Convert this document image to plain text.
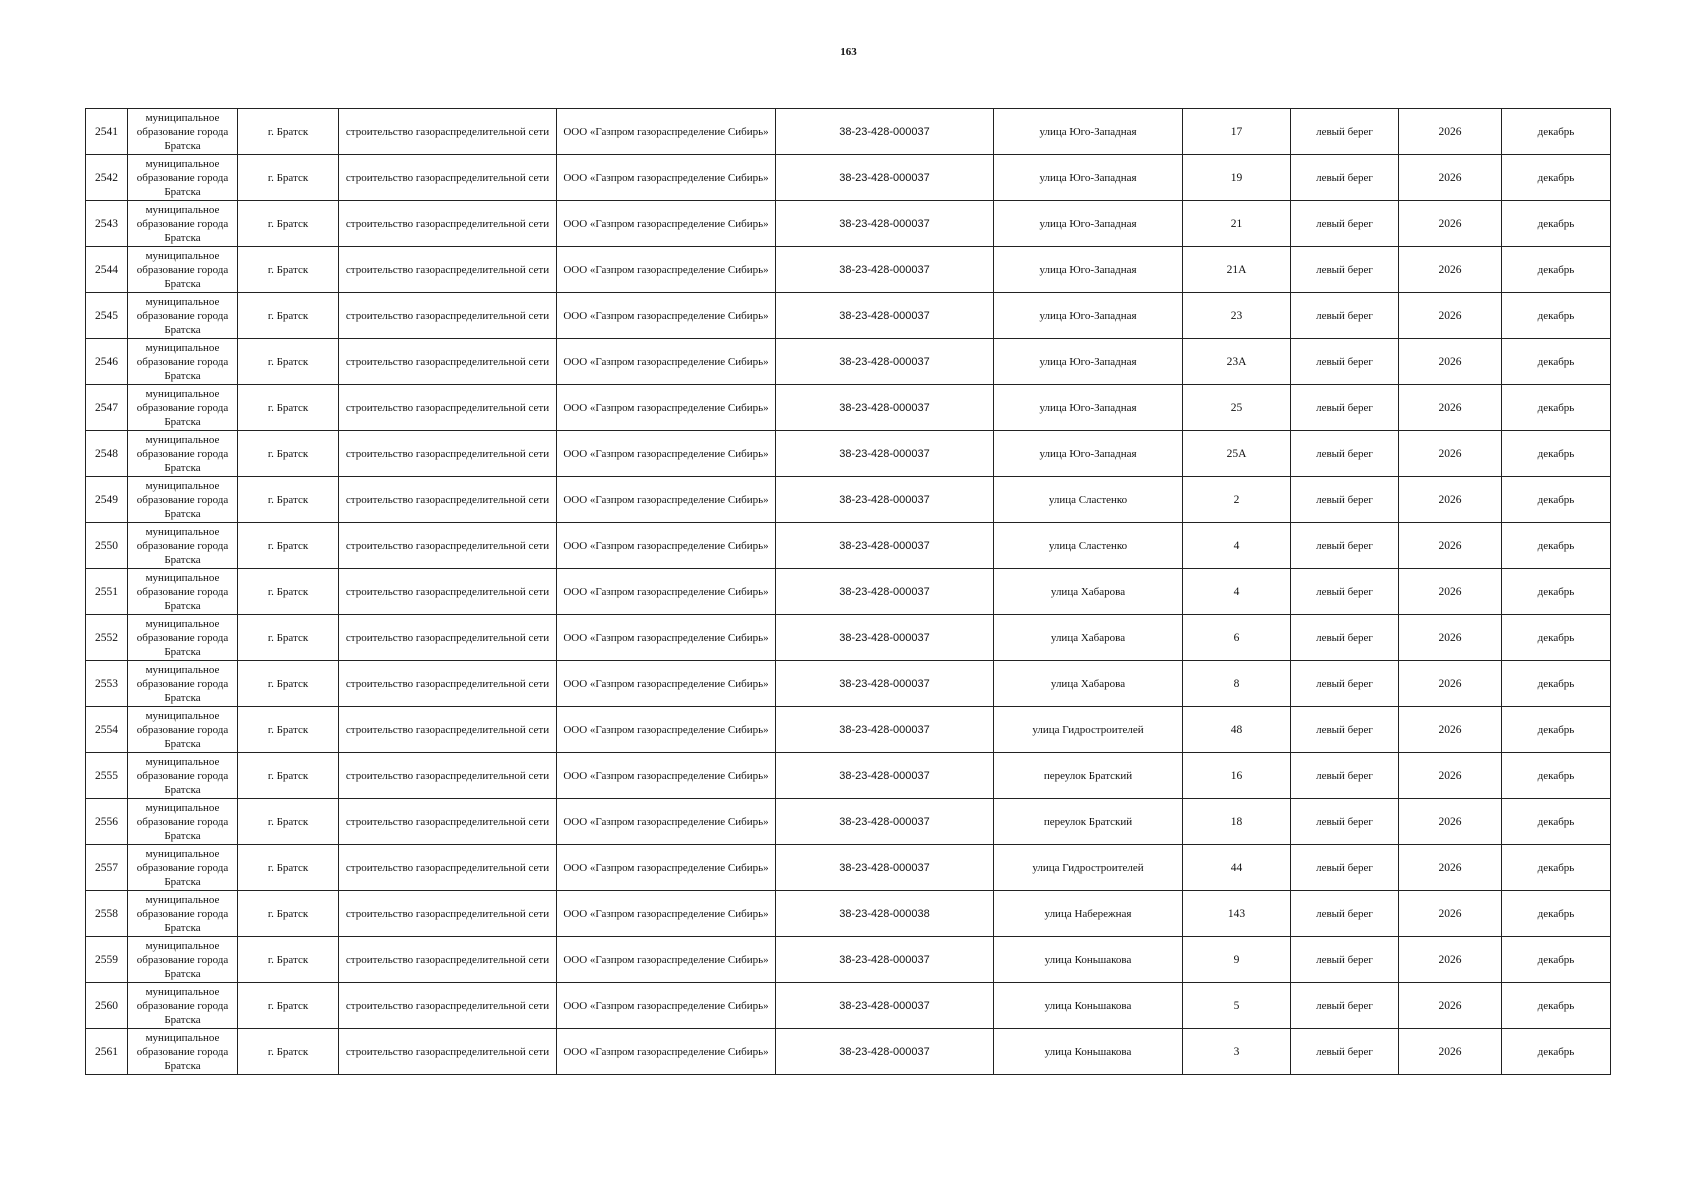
163
2541	муниципальное образование города Братска	г. Братск	строительство газораспределительной сети	ООО «Газпром газораспределение Сибирь»	38-23-428-000037	улица Юго-Западная	17	левый берег	2026	декабрь
2542	муниципальное образование города Братска	г. Братск	строительство газораспределительной сети	ООО «Газпром газораспределение Сибирь»	38-23-428-000037	улица Юго-Западная	19	левый берег	2026	декабрь
2543	муниципальное образование города Братска	г. Братск	строительство газораспределительной сети	ООО «Газпром газораспределение Сибирь»	38-23-428-000037	улица Юго-Западная	21	левый берег	2026	декабрь
2544	муниципальное образование города Братска	г. Братск	строительство газораспределительной сети	ООО «Газпром газораспределение Сибирь»	38-23-428-000037	улица Юго-Западная	21А	левый берег	2026	декабрь
2545	муниципальное образование города Братска	г. Братск	строительство газораспределительной сети	ООО «Газпром газораспределение Сибирь»	38-23-428-000037	улица Юго-Западная	23	левый берег	2026	декабрь
2546	муниципальное образование города Братска	г. Братск	строительство газораспределительной сети	ООО «Газпром газораспределение Сибирь»	38-23-428-000037	улица Юго-Западная	23А	левый берег	2026	декабрь
2547	муниципальное образование города Братска	г. Братск	строительство газораспределительной сети	ООО «Газпром газораспределение Сибирь»	38-23-428-000037	улица Юго-Западная	25	левый берег	2026	декабрь
2548	муниципальное образование города Братска	г. Братск	строительство газораспределительной сети	ООО «Газпром газораспределение Сибирь»	38-23-428-000037	улица Юго-Западная	25А	левый берег	2026	декабрь
2549	муниципальное образование города Братска	г. Братск	строительство газораспределительной сети	ООО «Газпром газораспределение Сибирь»	38-23-428-000037	улица Сластенко	2	левый берег	2026	декабрь
2550	муниципальное образование города Братска	г. Братск	строительство газораспределительной сети	ООО «Газпром газораспределение Сибирь»	38-23-428-000037	улица Сластенко	4	левый берег	2026	декабрь
2551	муниципальное образование города Братска	г. Братск	строительство газораспределительной сети	ООО «Газпром газораспределение Сибирь»	38-23-428-000037	улица Хабарова	4	левый берег	2026	декабрь
2552	муниципальное образование города Братска	г. Братск	строительство газораспределительной сети	ООО «Газпром газораспределение Сибирь»	38-23-428-000037	улица Хабарова	6	левый берег	2026	декабрь
2553	муниципальное образование города Братска	г. Братск	строительство газораспределительной сети	ООО «Газпром газораспределение Сибирь»	38-23-428-000037	улица Хабарова	8	левый берег	2026	декабрь
2554	муниципальное образование города Братска	г. Братск	строительство газораспределительной сети	ООО «Газпром газораспределение Сибирь»	38-23-428-000037	улица Гидростроителей	48	левый берег	2026	декабрь
2555	муниципальное образование города Братска	г. Братск	строительство газораспределительной сети	ООО «Газпром газораспределение Сибирь»	38-23-428-000037	переулок Братский	16	левый берег	2026	декабрь
2556	муниципальное образование города Братска	г. Братск	строительство газораспределительной сети	ООО «Газпром газораспределение Сибирь»	38-23-428-000037	переулок Братский	18	левый берег	2026	декабрь
2557	муниципальное образование города Братска	г. Братск	строительство газораспределительной сети	ООО «Газпром газораспределение Сибирь»	38-23-428-000037	улица Гидростроителей	44	левый берег	2026	декабрь
2558	муниципальное образование города Братска	г. Братск	строительство газораспределительной сети	ООО «Газпром газораспределение Сибирь»	38-23-428-000038	улица Набережная	143	левый берег	2026	декабрь
2559	муниципальное образование города Братска	г. Братск	строительство газораспределительной сети	ООО «Газпром газораспределение Сибирь»	38-23-428-000037	улица Коньшакова	9	левый берег	2026	декабрь
2560	муниципальное образование города Братска	г. Братск	строительство газораспределительной сети	ООО «Газпром газораспределение Сибирь»	38-23-428-000037	улица Коньшакова	5	левый берег	2026	декабрь
2561	муниципальное образование города Братска	г. Братск	строительство газораспределительной сети	ООО «Газпром газораспределение Сибирь»	38-23-428-000037	улица Коньшакова	3	левый берег	2026	декабрь
